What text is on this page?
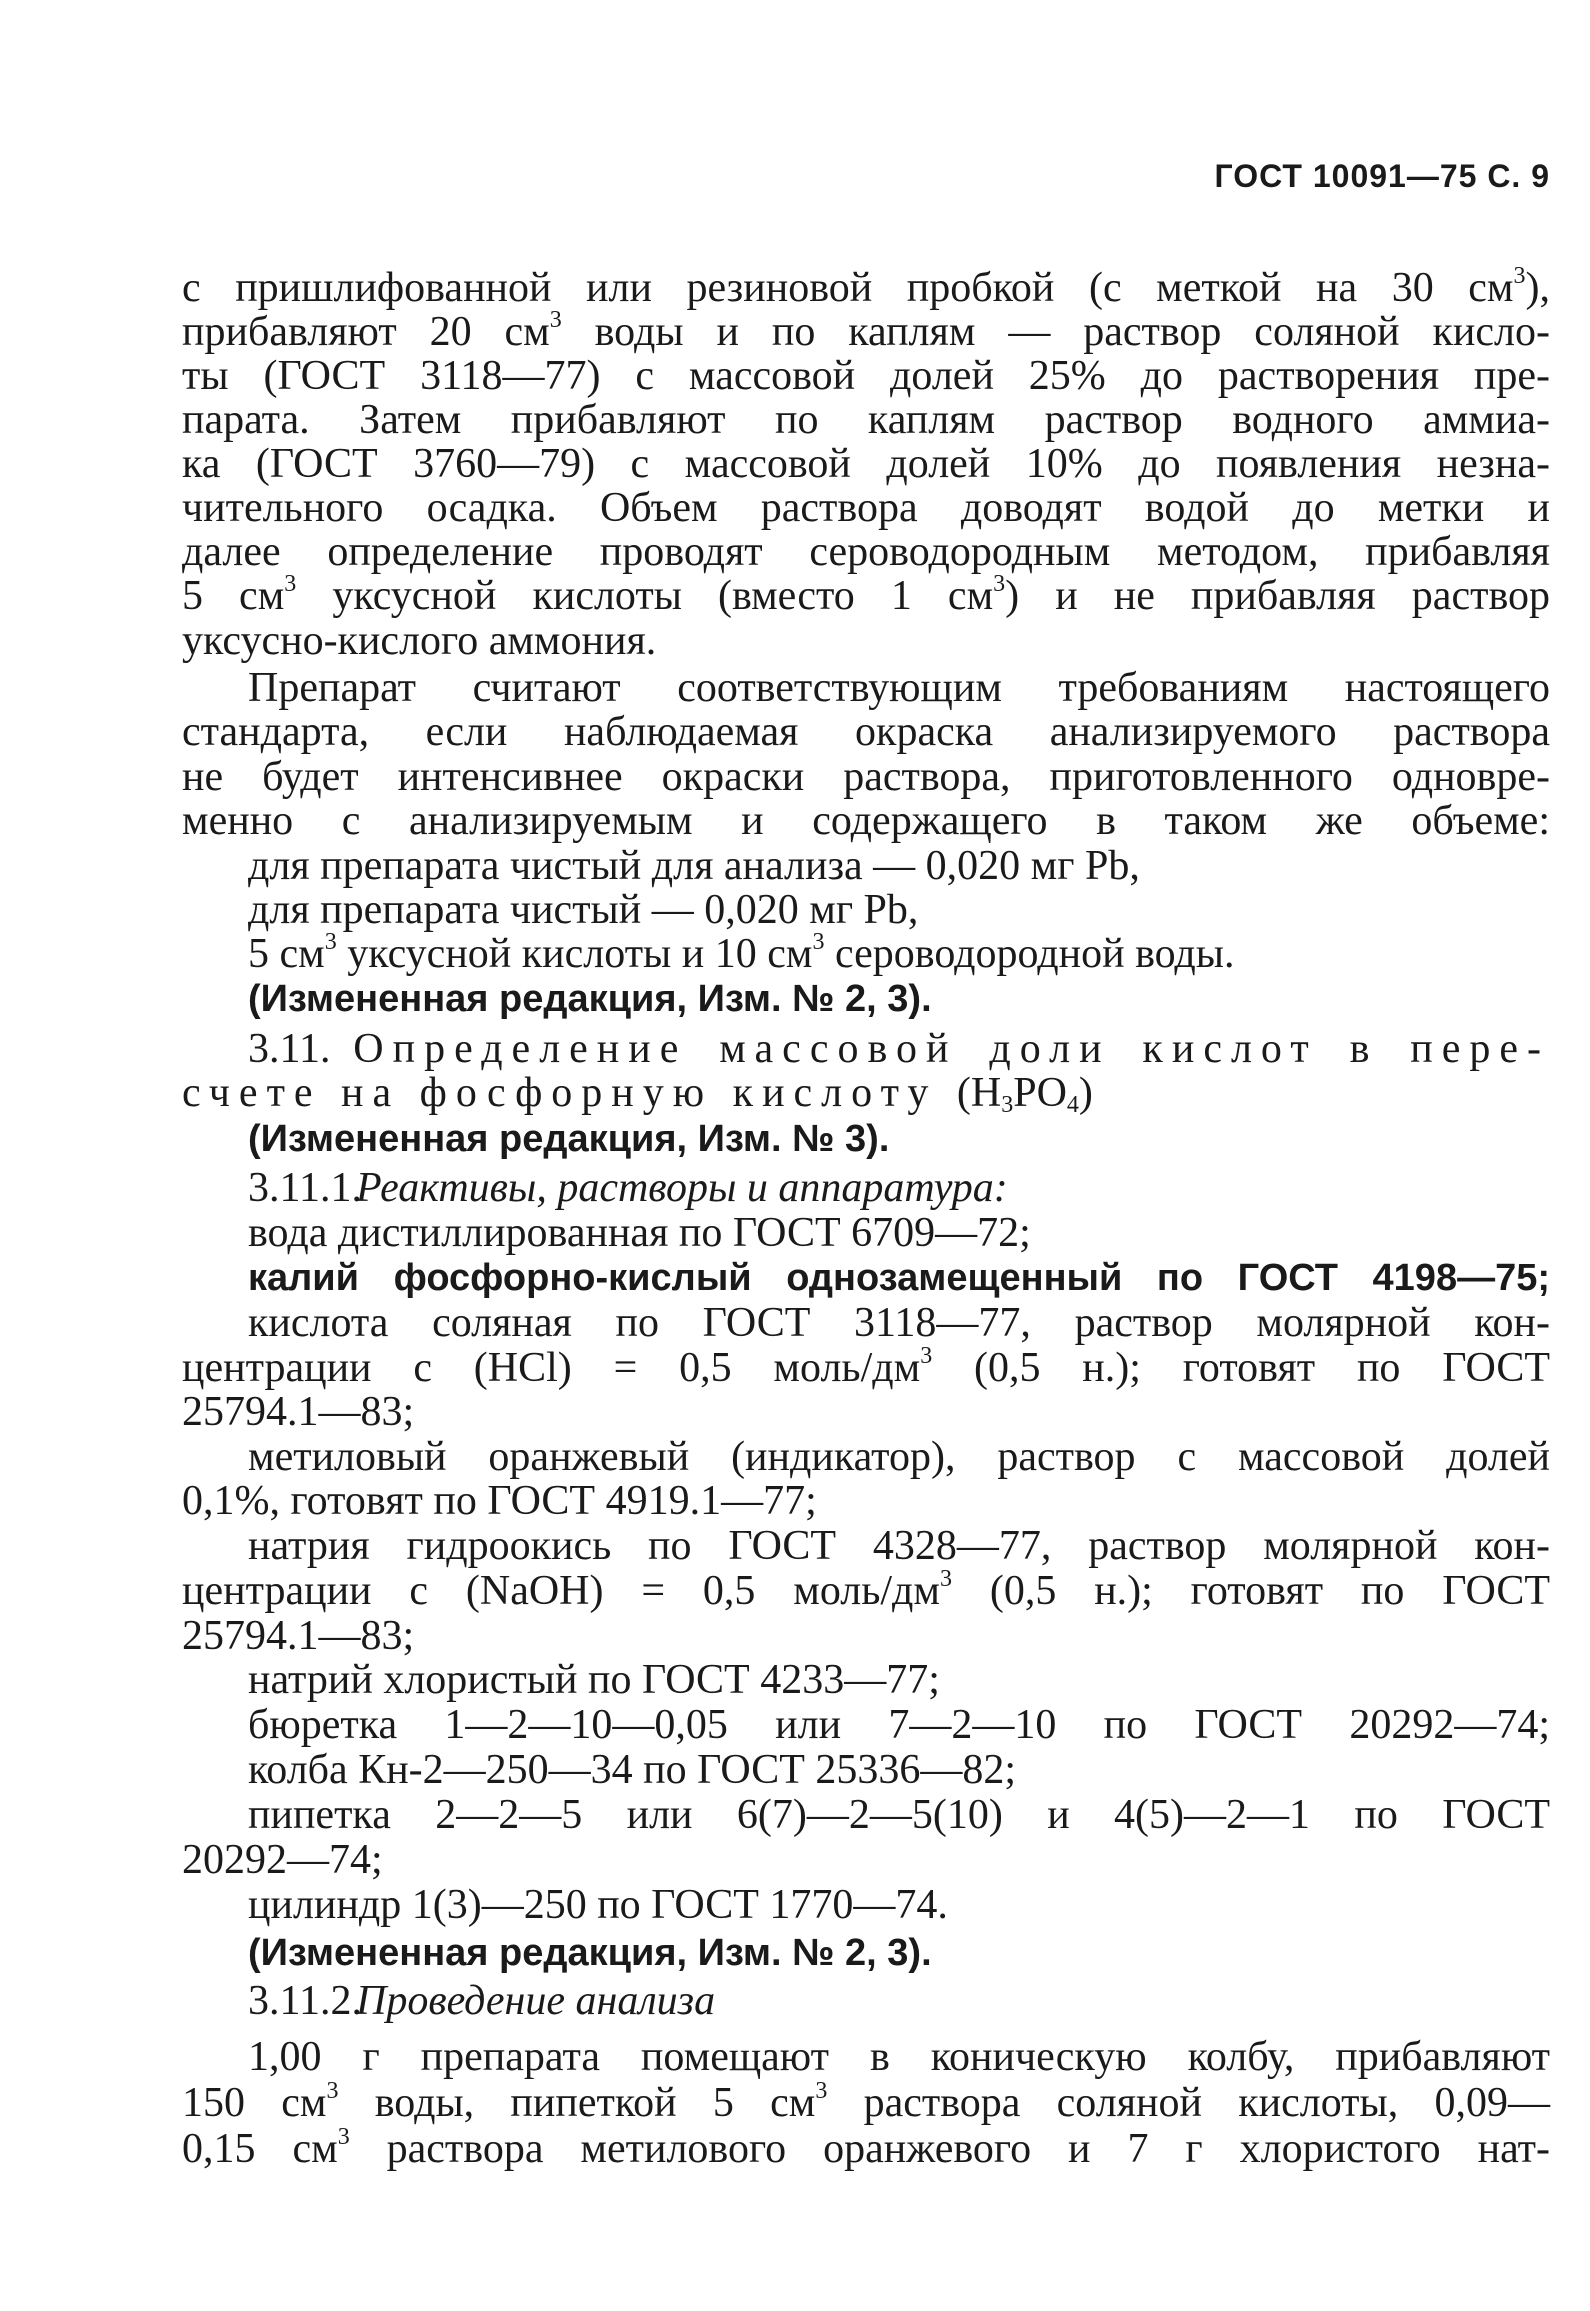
ГОСТ 10091—75 С. 9
с пришлифованной или резиновой пробкой (с меткой на 30 $см^3$),
прибавляют 20 $см^3$ воды и по каплям — раствор соляной кисло-
ты (ГОСТ 3118—77) с массовой долей 25% до растворения пре-
парата. Затем прибавляют по каплям раствор водного аммиа-
ка (ГОСТ 3760—79) с массовой долей 10% до появления незна-
чительного осадка. Объем раствора доводят водой до метки и
далее определение проводят сероводородным методом, прибавляя
5 $см^3$ уксусной кислоты (вместо 1 $см^3$) и не прибавляя раствор
уксусно-кислого аммония.
Препарат считают соответствующим требованиям настоящего
стандарта, если наблюдаемая окраска анализируемого раствора
не будет интенсивнее окраски раствора, приготовленного одновре-
менно с анализируемым и содержащего в таком же объеме:
для препарата чистый для анализа — 0,020 мг Pb,
для препарата чистый — 0,020 мг Pb,
5 $см^3$ уксусной кислоты и 10 $см^3$ сероводородной воды.
(Измененная редакция, Изм. № 2, 3).
3.11. Определение массовой доли кислот в пере-
счете на фосфорную кислоту $(H_3PO_4)$
(Измененная редакция, Изм. № 3).
3.11.1.
Реактивы, растворы и аппаратура:
вода дистиллированная по ГОСТ 6709—72;
калий фосфорно-кислый однозамещенный по ГОСТ 4198—75;
кислота соляная по ГОСТ 3118—77, раствор молярной кон-
центрации c (HCl) = 0,5 моль/$дм^3$ (0,5 н.); готовят по ГОСТ
25794.1—83;
метиловый оранжевый (индикатор), раствор с массовой долей
0,1%, готовят по ГОСТ 4919.1—77;
натрия гидроокись по ГОСТ 4328—77, раствор молярной кон-
центрации c (NaOH) = 0,5 моль/$дм^3$ (0,5 н.); готовят по ГОСТ
25794.1—83;
натрий хлористый по ГОСТ 4233—77;
бюретка 1—2—10—0,05 или 7—2—10 по ГОСТ 20292—74;
колба Кн-2—250—34 по ГОСТ 25336—82;
пипетка 2—2—5 или 6(7)—2—5(10) и 4(5)—2—1 по ГОСТ
20292—74;
цилиндр 1(3)—250 по ГОСТ 1770—74.
(Измененная редакция, Изм. № 2, 3).
3.11.2.
Проведение анализа
1,00 г препарата помещают в коническую колбу, прибавляют
150 $см^3$ воды, пипеткой 5 $см^3$ раствора соляной кислоты, 0,09—
0,15 $см^3$ раствора метилового оранжевого и 7 г хлористого нат-
